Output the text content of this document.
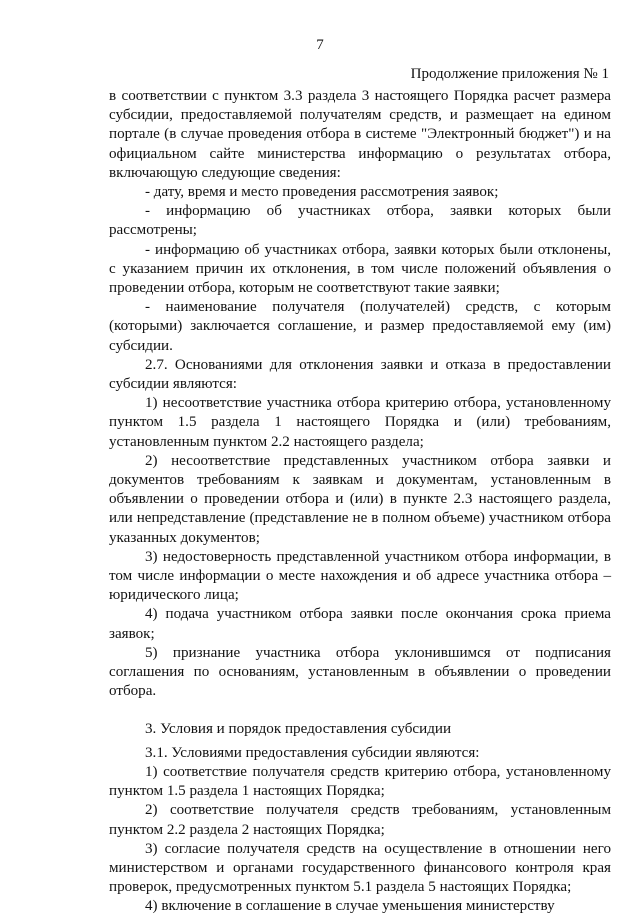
7
Продолжение приложения № 1

в соответствии с пунктом 3.3 раздела 3 настоящего Порядка расчет размера субсидии, предоставляемой получателям средств, и размещает на едином портале (в случае проведения отбора в системе "Электронный бюджет") и на официальном сайте министерства информацию о результатах отбора, включающую следующие сведения:

- дату, время и место проведения рассмотрения заявок;

- информацию об участниках отбора, заявки которых были рассмотрены;

- информацию об участниках отбора, заявки которых были отклонены, с указанием причин их отклонения, в том числе положений объявления о проведении отбора, которым не соответствуют такие заявки;

- наименование получателя (получателей) средств, с которым (которыми) заключается соглашение, и размер предоставляемой ему (им) субсидии.

2.7. Основаниями для отклонения заявки и отказа в предоставлении субсидии являются:

1) несоответствие участника отбора критерию отбора, установленному пунктом 1.5 раздела 1 настоящего Порядка и (или) требованиям, установленным пунктом 2.2 настоящего раздела;

2) несоответствие представленных участником отбора заявки и документов требованиям к заявкам и документам, установленным в объявлении о проведении отбора и (или) в пункте 2.3 настоящего раздела, или непредставление (представление не в полном объеме) участником отбора указанных документов;

3) недостоверность представленной участником отбора информации, в том числе информации о месте нахождения и об адресе участника отбора – юридического лица;

4) подача участником отбора заявки после окончания срока приема заявок;

5) признание участника отбора уклонившимся от подписания соглашения по основаниям, установленным в объявлении о проведении отбора.

3. Условия и порядок предоставления субсидии

3.1. Условиями предоставления субсидии являются:

1) соответствие получателя средств критерию отбора, установленному пунктом 1.5 раздела 1 настоящих Порядка;

2) соответствие получателя средств требованиям, установленным пунктом 2.2 раздела 2 настоящих Порядка;

3) согласие получателя средств на осуществление в отношении него министерством и органами государственного финансового контроля края проверок, предусмотренных пунктом 5.1 раздела 5 настоящих Порядка;

4) включение в соглашение в случае уменьшения министерству
